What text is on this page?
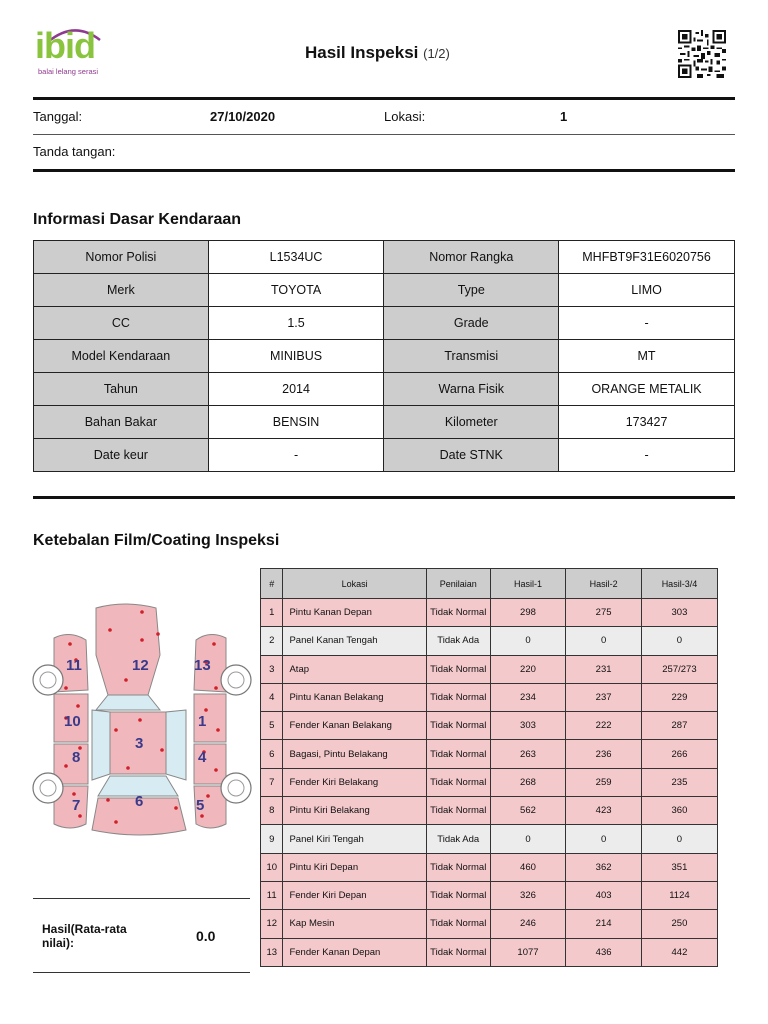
ibid
balai lelang serasi
Hasil Inspeksi (1/2)
Tanggal:	27/10/2020	Lokasi:	1
Tanda tangan:
Informasi Dasar Kendaraan
Nomor Polisi	L1534UC	Nomor Rangka	MHFBT9F31E6020756
Merk	TOYOTA	Type	LIMO
CC	1.5	Grade	-
Model Kendaraan	MINIBUS	Transmisi	MT
Tahun	2014	Warna Fisik	ORANGE METALIK
Bahan Bakar	BENSIN	Kilometer	173427
Date keur	-	Date STNK	-
Ketebalan Film/Coating Inspeksi
12
3
6
11
10
8
7
13
1
4
5
#	Lokasi	Penilaian	Hasil-1	Hasil-2	Hasil-3/4
1	Pintu Kanan Depan	Tidak Normal	298	275	303
2	Panel Kanan Tengah	Tidak Ada	0	0	0
3	Atap	Tidak Normal	220	231	257/273
4	Pintu Kanan Belakang	Tidak Normal	234	237	229
5	Fender Kanan Belakang	Tidak Normal	303	222	287
6	Bagasi, Pintu Belakang	Tidak Normal	263	236	266
7	Fender Kiri Belakang	Tidak Normal	268	259	235
8	Pintu Kiri Belakang	Tidak Normal	562	423	360
9	Panel Kiri Tengah	Tidak Ada	0	0	0
10	Pintu Kiri Depan	Tidak Normal	460	362	351
11	Fender Kiri Depan	Tidak Normal	326	403	1124
12	Kap Mesin	Tidak Normal	246	214	250
13	Fender Kanan Depan	Tidak Normal	1077	436	442
Hasil(Rata-rata nilai):	0.0
